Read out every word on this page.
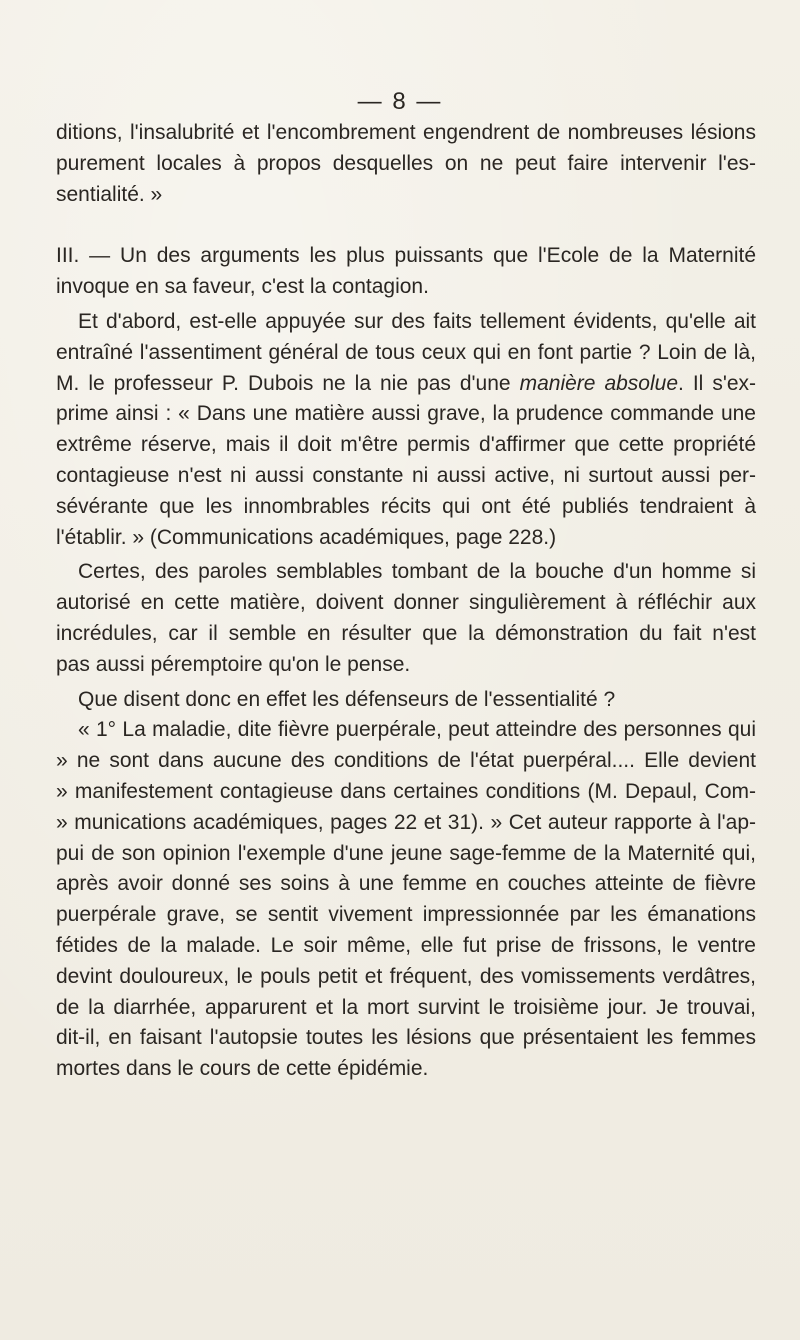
— 8 —

ditions, l'insalubrité et l'encombrement engendrent de nombreuses lésions
purement locales à propos desquelles on ne peut faire intervenir l'es-
sentialité. »

III. — Un des arguments les plus puissants que l'Ecole de la Maternité
invoque en sa faveur, c'est la contagion.

Et d'abord, est-elle appuyée sur des faits tellement évidents, qu'elle ait
entraîné l'assentiment général de tous ceux qui en font partie ? Loin de là,
M. le professeur P. Dubois ne la nie pas d'une manière absolue. Il s'ex-
prime ainsi : « Dans une matière aussi grave, la prudence commande une
extrême réserve, mais il doit m'être permis d'affirmer que cette propriété
contagieuse n'est ni aussi constante ni aussi active, ni surtout aussi per-
sévérante que les innombrables récits qui ont été publiés tendraient à
l'établir. » (Communications académiques, page 228.)

Certes, des paroles semblables tombant de la bouche d'un homme si
autorisé en cette matière, doivent donner singulièrement à réfléchir aux
incrédules, car il semble en résulter que la démonstration du fait n'est
pas aussi péremptoire qu'on le pense.

Que disent donc en effet les défenseurs de l'essentialité ?

« 1° La maladie, dite fièvre puerpérale, peut atteindre des personnes qui
» ne sont dans aucune des conditions de l'état puerpéral.... Elle devient
» manifestement contagieuse dans certaines conditions (M. Depaul, Com-
» munications académiques, pages 22 et 31). » Cet auteur rapporte à l'ap-
pui de son opinion l'exemple d'une jeune sage-femme de la Maternité qui,
après avoir donné ses soins à une femme en couches atteinte de fièvre
puerpérale grave, se sentit vivement impressionnée par les émanations
fétides de la malade. Le soir même, elle fut prise de frissons, le ventre
devint douloureux, le pouls petit et fréquent, des vomissements verdâtres,
de la diarrhée, apparurent et la mort survint le troisième jour. Je trouvai,
dit-il, en faisant l'autopsie toutes les lésions que présentaient les femmes
mortes dans le cours de cette épidémie.
